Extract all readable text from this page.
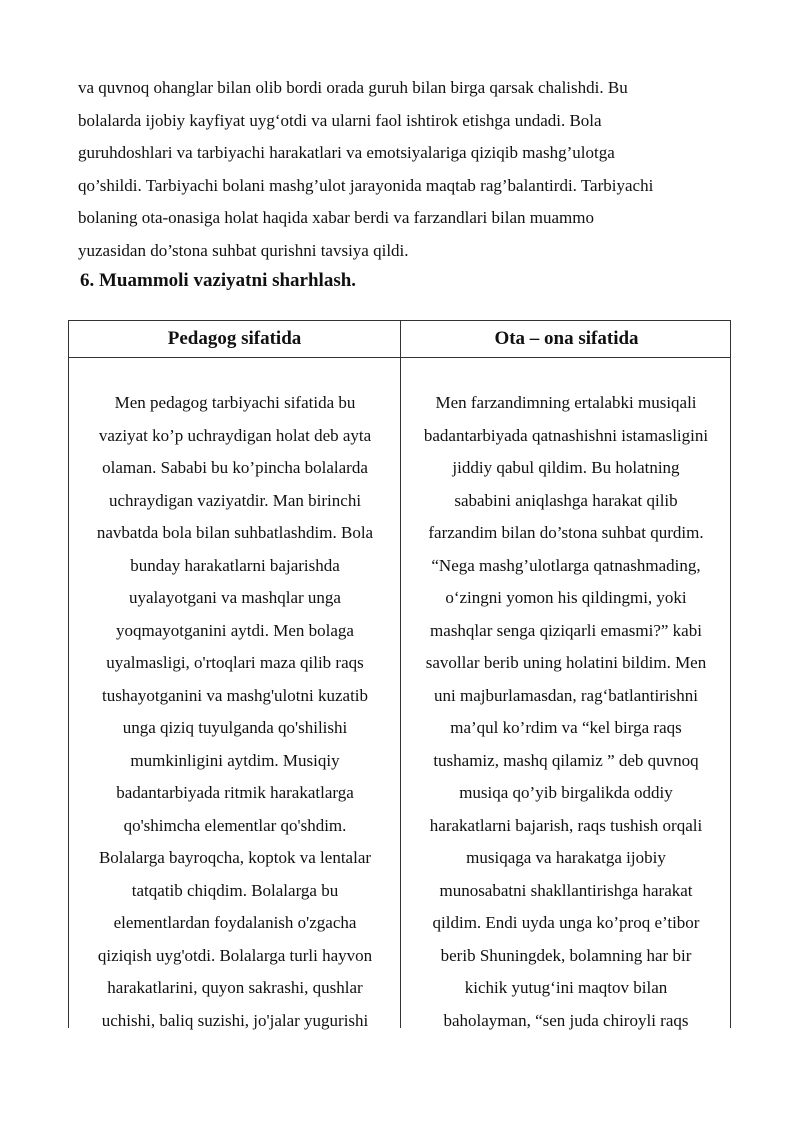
va quvnoq ohanglar bilan olib bordi orada guruh bilan birga qarsak chalishdi. Bu
bolalarda ijobiy kayfiyat uyg‘otdi va ularni faol ishtirok etishga undadi. Bola
guruhdoshlari va tarbiyachi harakatlari va emotsiyalariga qiziqib mashg’ulotga
qo’shildi. Tarbiyachi bolani mashg’ulot jarayonida maqtab rag’balantirdi. Tarbiyachi
bolaning ota-onasiga holat haqida xabar berdi va farzandlari bilan muammo
yuzasidan do’stona suhbat qurishni tavsiya qildi.
6. Muammoli vaziyatni sharhlash.
Pedagog sifatida	Ota – ona sifatida
Men pedagog tarbiyachi sifatida bu
vaziyat ko’p uchraydigan holat deb ayta
olaman. Sababi bu ko’pincha bolalarda
uchraydigan vaziyatdir. Man birinchi
navbatda bola bilan suhbatlashdim. Bola
bunday harakatlarni bajarishda
uyalayotgani va mashqlar unga
yoqmayotganini aytdi. Men bolaga
uyalmasligi, o'rtoqlari maza qilib raqs
tushayotganini va mashg'ulotni kuzatib
unga qiziq tuyulganda qo'shilishi
mumkinligini aytdim. Musiqiy
badantarbiyada ritmik harakatlarga
qo'shimcha elementlar qo'shdim.
Bolalarga bayroqcha, koptok va lentalar
tatqatib chiqdim. Bolalarga bu
elementlardan foydalanish o'zgacha
qiziqish uyg'otdi. Bolalarga turli hayvon
harakatlarini, quyon sakrashi, qushlar
uchishi, baliq suzishi, jo'jalar yugurishi
Men farzandimning ertalabki musiqali
badantarbiyada qatnashishni istamasligini
jiddiy qabul qildim. Bu holatning
sababini aniqlashga harakat qilib
farzandim bilan do’stona suhbat qurdim.
“Nega mashg’ulotlarga qatnashmading,
o‘zingni yomon his qildingmi, yoki
mashqlar senga qiziqarli emasmi?” kabi
savollar berib uning holatini bildim. Men
uni majburlamasdan, rag‘batlantirishni
ma’qul ko’rdim va “kel birga raqs
tushamiz, mashq qilamiz ” deb quvnoq
musiqa qo’yib birgalikda oddiy
harakatlarni bajarish, raqs tushish orqali
musiqaga va harakatga ijobiy
munosabatni shakllantirishga harakat
qildim. Endi uyda unga ko’proq e’tibor
berib Shuningdek, bolamning har bir
kichik yutug‘ini maqtov bilan
baholayman, “sen juda chiroyli raqs
